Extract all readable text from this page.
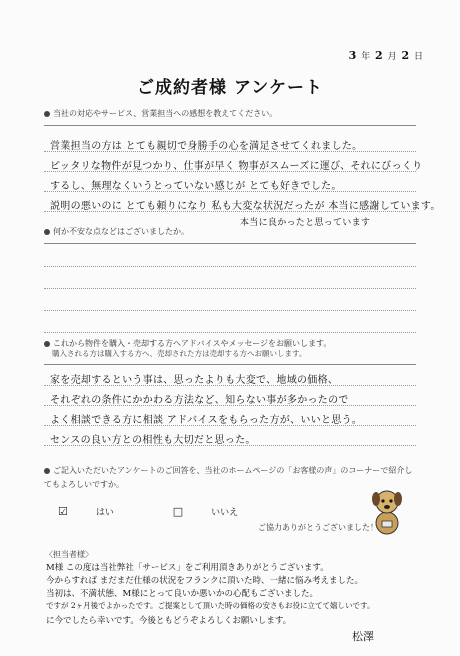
3 年 2 月 2 日
ご成約者様 アンケート
当社の対応やサービス、営業担当への感想を教えてください。
営業担当の方は とても親切で身勝手の心を満足させてくれました。
ピッタリな物件が見つかり、仕事が早く 物事がスムーズに運び、それにびっくり
するし、無理なくいうとっていない感じが とても好きでした。
説明の悪いのに とても頼りになり 私も大変な状況だったが 本当に感謝しています。
本当に良かったと思っています
何か不安な点などはございましたか。
これから物件を購入・売却する方へアドバイスやメッセージをお願いします。
購入される方は購入する方へ、売却された方は売却する方へお願いします。
家を売却するという事は、思ったよりも大変で、地域の価格、
それぞれの条件にかかわる方法など、知らない事が多かったので
よく相談できる方に相談 アドバイスをもらった方が、いいと思う。
センスの良い方との相性も大切だと思った。
ご記入いただいたアンケートのご回答を、当社のホームページの「お客様の声」のコーナーで紹介してもよろしいですか。
☑	はい	□	いいえ
ご協力ありがとうございました！
〈担当者様〉
M様 この度は当社弊社「サービス」をご利用頂きありがとうございます。
今からすれば まだまだ仕様の状況をフランクに頂いた時、一緒に悩み考えました。
当初は、不満状態、M様にとって良いか悪いかの心配もございました。
ですが 2ヶ月後でよかったです。ご提案として頂いた時の価格の安さもお役に立てて嬉しいです。
に今でしたら幸いです。今後ともどうぞよろしくお願いします。
松澤
